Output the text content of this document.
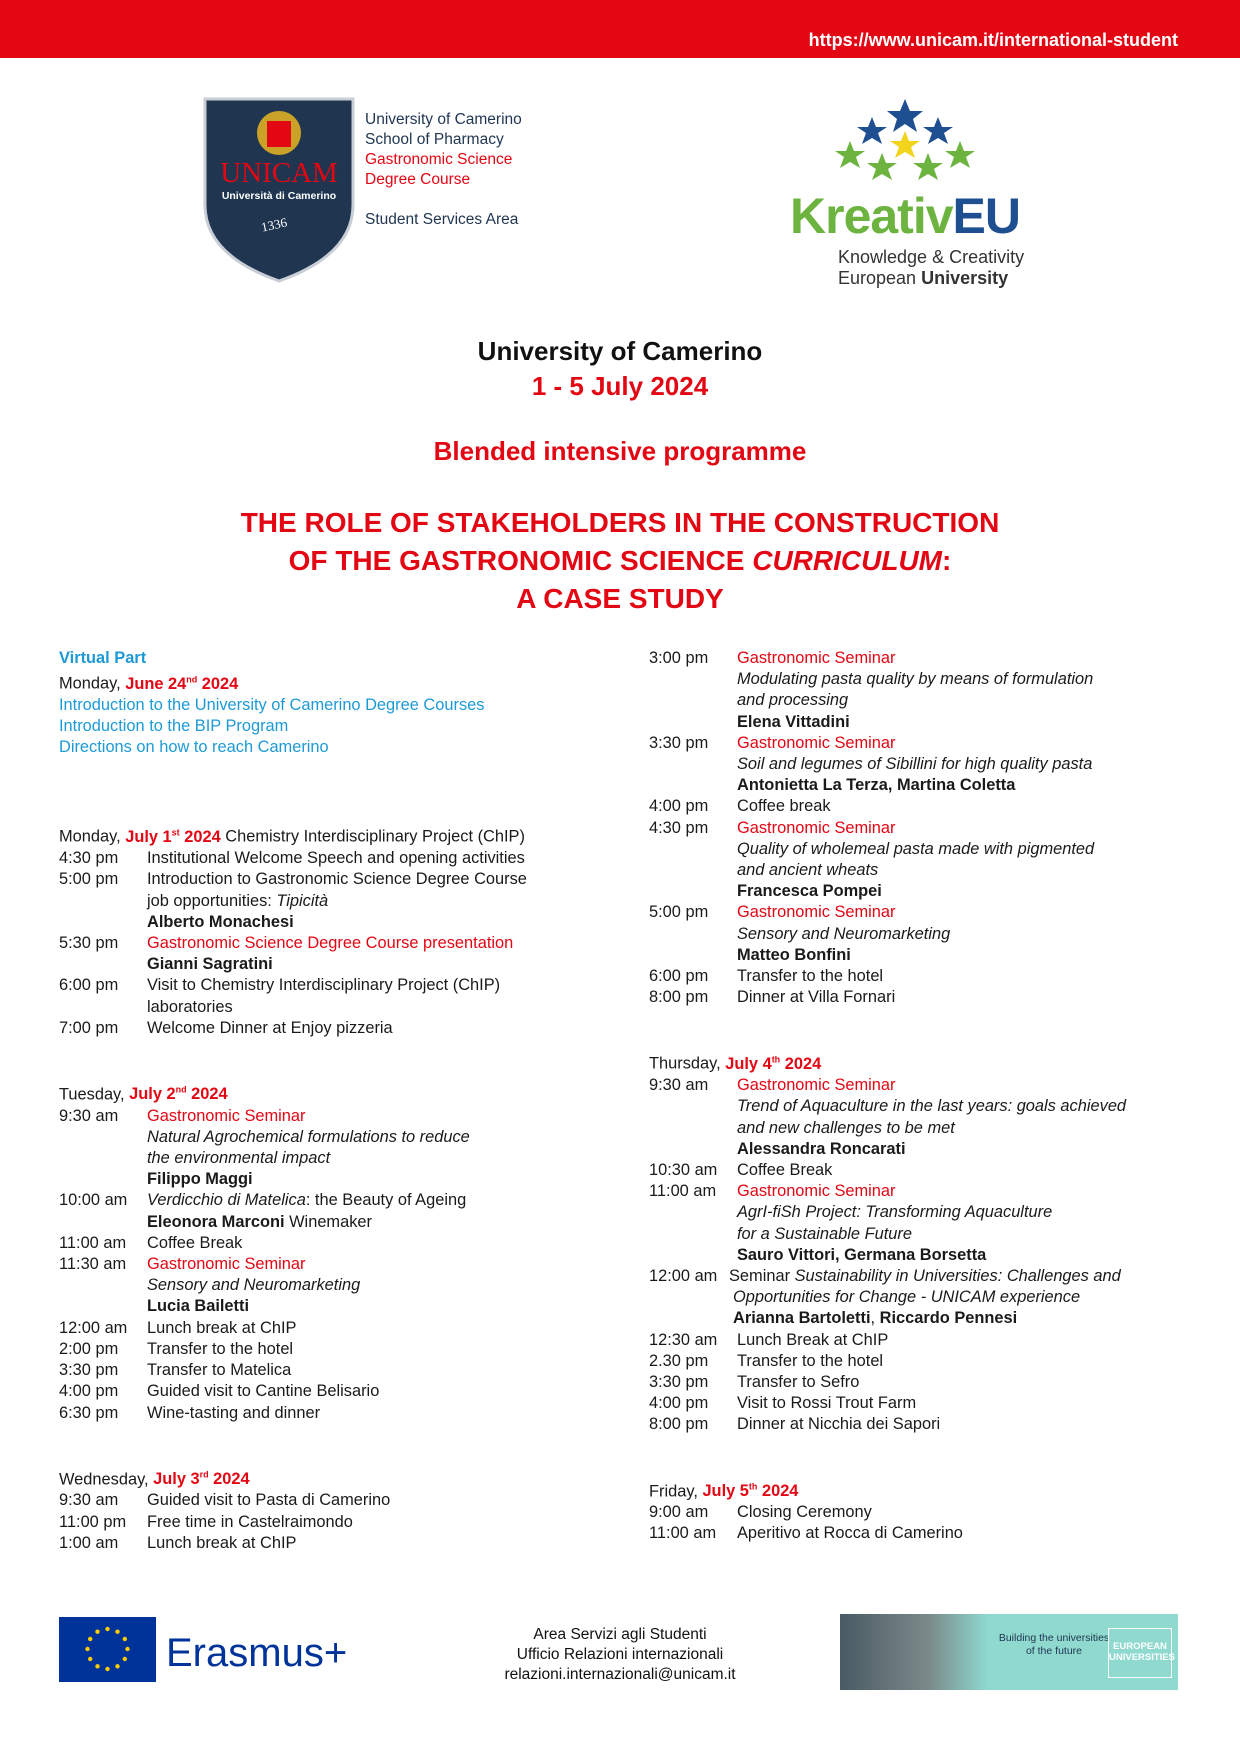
https://www.unicam.it/international-student
UNICAM
Università di Camerino
1336
University of Camerino
School of Pharmacy
Gastronomic Science
Degree Course
Student Services Area	KreativEU
Knowledge & Creativity
European University
University of Camerino
1 - 5 July 2024
Blended intensive programme
THE ROLE OF STAKEHOLDERS IN THE CONSTRUCTION
OF THE GASTRONOMIC SCIENCE CURRICULUM:
A CASE STUDY
Virtual Part
Monday, June 24nd 2024
Introduction to the University of Camerino Degree Courses
Introduction to the BIP Program
Directions on how to reach Camerino
Monday, July 1st 2024 Chemistry Interdisciplinary Project (ChIP)
4:30 pm	Institutional Welcome Speech and opening activities
5:00 pm	Introduction to Gastronomic Science Degree Course
job opportunities: Tipicità
Alberto Monachesi
5:30 pm	Gastronomic Science Degree Course presentation
Gianni Sagratini
6:00 pm	Visit to Chemistry Interdisciplinary Project (ChIP)
laboratories
7:00 pm	Welcome Dinner at Enjoy pizzeria
Tuesday, July 2nd 2024
9:30 am	Gastronomic Seminar
Natural Agrochemical formulations to reduce
the environmental impact
Filippo Maggi
10:00 am	Verdicchio di Matelica: the Beauty of Ageing
Eleonora Marconi Winemaker
11:00 am	Coffee Break
11:30 am	Gastronomic Seminar
Sensory and Neuromarketing
Lucia Bailetti
12:00 am	Lunch break at ChIP
2:00 pm	Transfer to the hotel
3:30 pm	Transfer to Matelica
4:00 pm	Guided visit to Cantine Belisario
6:30 pm	Wine-tasting and dinner
Wednesday, July 3rd 2024
9:30 am	Guided visit to Pasta di Camerino
11:00 pm	Free time in Castelraimondo
1:00 am	Lunch break at ChIP
3:00 pm	Gastronomic Seminar
Modulating pasta quality by means of formulation
and processing
Elena Vittadini
3:30 pm	Gastronomic Seminar
Soil and legumes of Sibillini for high quality pasta
Antonietta La Terza, Martina Coletta
4:00 pm	Coffee break
4:30 pm	Gastronomic Seminar
Quality of wholemeal pasta made with pigmented
and ancient wheats
Francesca Pompei
5:00 pm	Gastronomic Seminar
Sensory and Neuromarketing
Matteo Bonfini
6:00 pm	Transfer to the hotel
8:00 pm	Dinner at Villa Fornari
Thursday, July 4th 2024
9:30 am	Gastronomic Seminar
Trend of Aquaculture in the last years: goals achieved
and new challenges to be met
Alessandra Roncarati
10:30 am	Coffee Break
11:00 am	Gastronomic Seminar
AgrI-fiSh Project: Transforming Aquaculture
for a Sustainable Future
Sauro Vittori, Germana Borsetta
12:00 am Seminar Sustainability in Universities: Challenges and
Opportunities for Change - UNICAM experience
Arianna Bartoletti, Riccardo Pennesi
12:30 am	Lunch Break at ChIP
2.30 pm	Transfer to the hotel
3:30 pm	Transfer to Sefro
4:00 pm	Visit to Rossi Trout Farm
8:00 pm	Dinner at Nicchia dei Sapori
Friday, July 5th 2024
9:00 am	Closing Ceremony
11:00 am	Aperitivo at Rocca di Camerino
Erasmus+	Area Servizi agli Studenti
Ufficio Relazioni internazionali
relazioni.internazionali@unicam.it
Building the universities
of the future	EUROPEAN
UNIVERSITIES
